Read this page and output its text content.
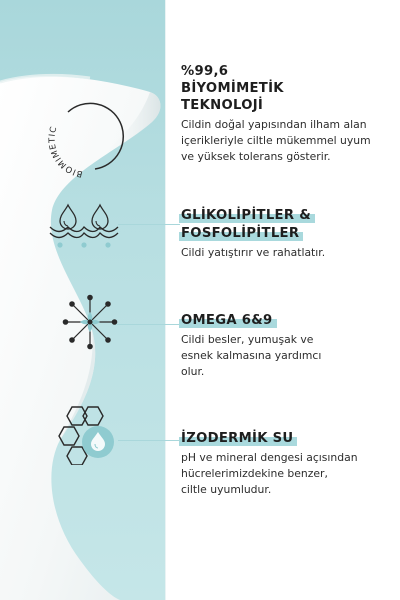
BIOMIMETIC
%99,6
BİYOMİMETİK
TEKNOLOJİ
Cildin doğal yapısından ilham alan
içerikleriyle ciltle mükemmel uyum
ve yüksek tolerans gösterir.
GLİKOLİPİTLER &
FOSFOLİPİTLER
Cildi yatıştırır ve rahatlatır.
OMEGA 6&9
Cildi besler, yumuşak ve
esnek kalmasına yardımcı
olur.
İZODERMİK SU
pH ve mineral dengesi açısından
hücrelerimizdekine benzer,
ciltle uyumludur.
